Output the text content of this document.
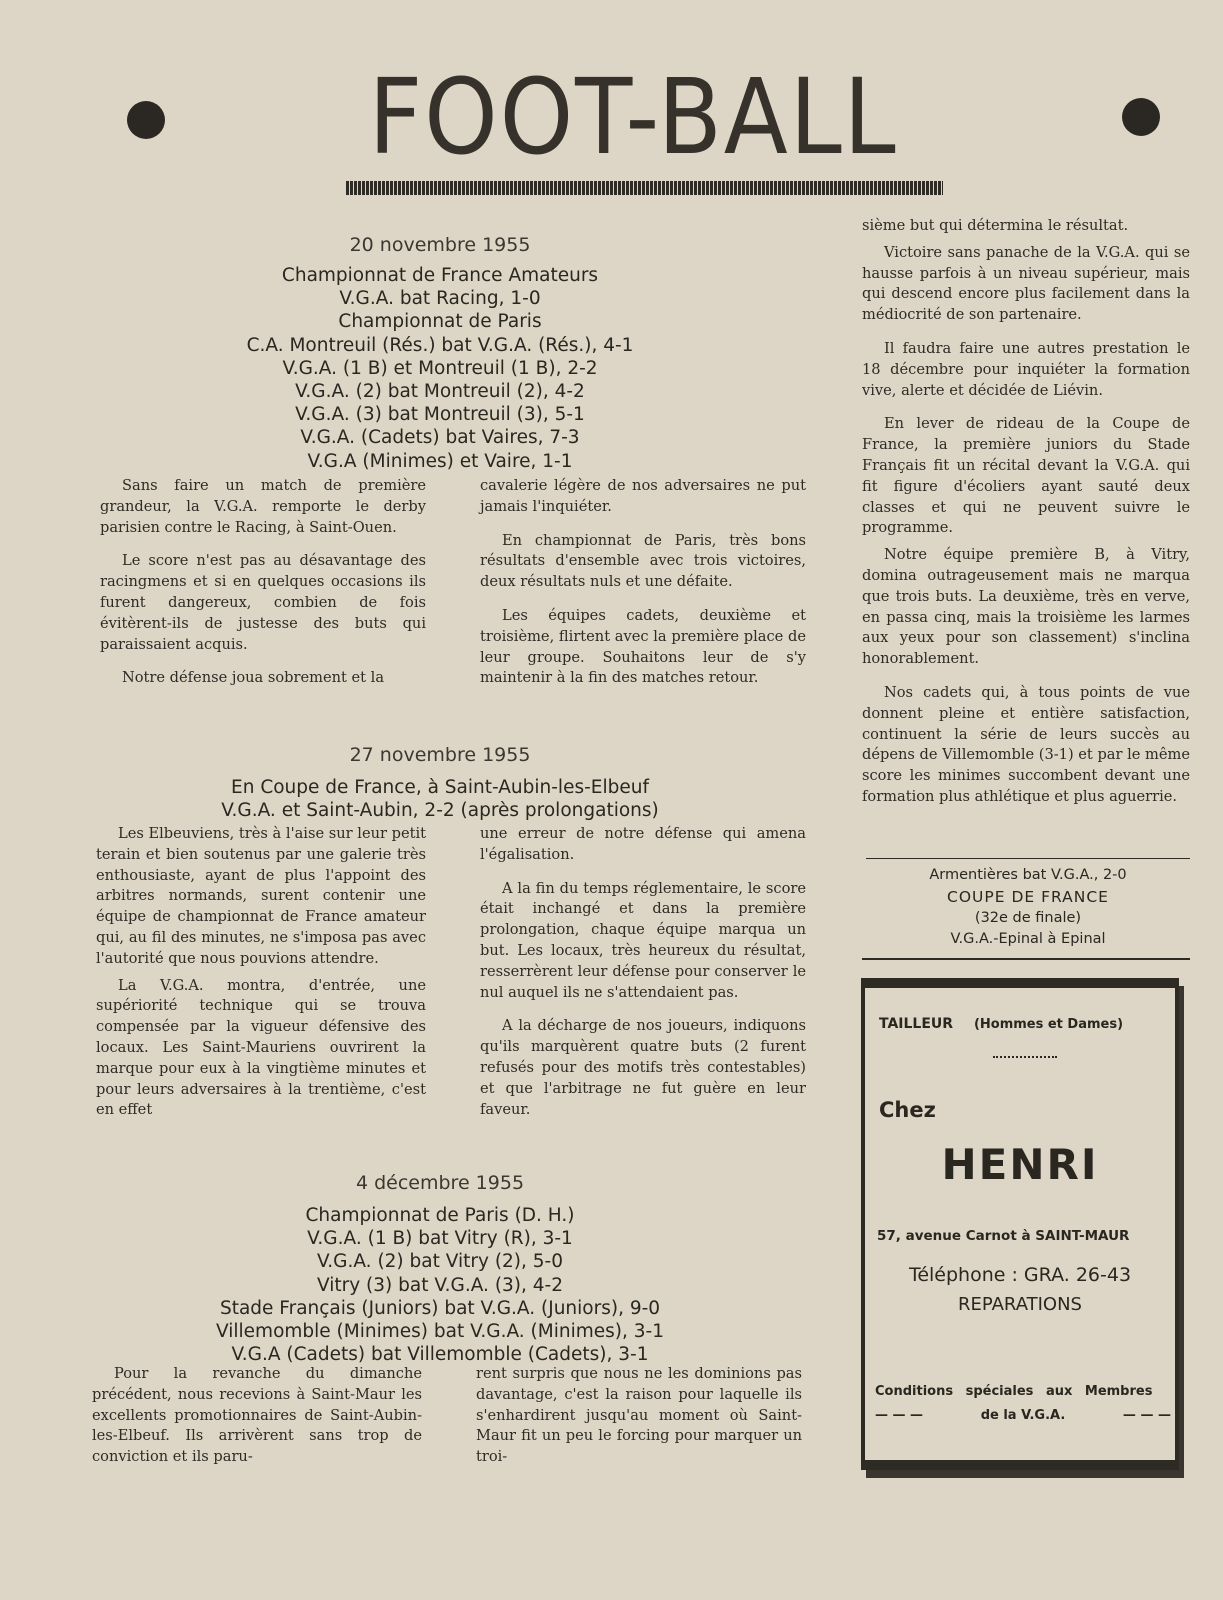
FOOT-BALL
20 novembre 1955
Championnat de France Amateurs
V.G.A. bat Racing, 1-0
Championnat de Paris
C.A. Montreuil (Rés.) bat V.G.A. (Rés.), 4-1
V.G.A. (1 B) et Montreuil (1 B), 2-2
V.G.A. (2) bat Montreuil (2), 4-2
V.G.A. (3) bat Montreuil (3), 5-1
V.G.A. (Cadets) bat Vaires, 7-3
V.G.A (Minimes) et Vaire, 1-1

Sans faire un match de première grandeur, la V.G.A. remporte le derby parisien contre le Racing, à Saint-Ouen.

Le score n'est pas au désavantage des racingmens et si en quelques occasions ils furent dangereux, combien de fois évitèrent-ils de justesse des buts qui paraissaient acquis.

Notre défense joua sobrement et la

cavalerie légère de nos adversaires ne put jamais l'inquiéter.

En championnat de Paris, très bons résultats d'ensemble avec trois victoires, deux résultats nuls et une défaite.

Les équipes cadets, deuxième et troisième, flirtent avec la première place de leur groupe. Souhaitons leur de s'y maintenir à la fin des matches retour.

27 novembre 1955
En Coupe de France, à Saint-Aubin-les-Elbeuf
V.G.A. et Saint-Aubin, 2-2 (après prolongations)

Les Elbeuviens, très à l'aise sur leur petit terain et bien soutenus par une galerie très enthousiaste, ayant de plus l'appoint des arbitres normands, surent contenir une équipe de championnat de France amateur qui, au fil des minutes, ne s'imposa pas avec l'autorité que nous pouvions attendre.

La V.G.A. montra, d'entrée, une supériorité technique qui se trouva compensée par la vigueur défensive des locaux. Les Saint-Mauriens ouvrirent la marque pour eux à la vingtième minutes et pour leurs adversaires à la trentième, c'est en effet

une erreur de notre défense qui amena l'égalisation.

A la fin du temps réglementaire, le score était inchangé et dans la première prolongation, chaque équipe marqua un but. Les locaux, très heureux du résultat, resserrèrent leur défense pour conserver le nul auquel ils ne s'attendaient pas.

A la décharge de nos joueurs, indiquons qu'ils marquèrent quatre buts (2 furent refusés pour des motifs très contestables) et que l'arbitrage ne fut guère en leur faveur.

4 décembre 1955
Championnat de Paris (D. H.)
V.G.A. (1 B) bat Vitry (R), 3-1
V.G.A. (2) bat Vitry (2), 5-0
Vitry (3) bat V.G.A. (3), 4-2
Stade Français (Juniors) bat V.G.A. (Juniors), 9-0
Villemomble (Minimes) bat V.G.A. (Minimes), 3-1
V.G.A (Cadets) bat Villemomble (Cadets), 3-1

Pour la revanche du dimanche précédent, nous recevions à Saint-Maur les excellents promotionnaires de Saint-Aubin-les-Elbeuf. Ils arrivèrent sans trop de conviction et ils paru-

rent surpris que nous ne les dominions pas davantage, c'est la raison pour laquelle ils s'enhardirent jusqu'au moment où Saint-Maur fit un peu le forcing pour marquer un troi-

sième but qui détermina le résultat.

Victoire sans panache de la V.G.A. qui se hausse parfois à un niveau supérieur, mais qui descend encore plus facilement dans la médiocrité de son partenaire.

Il faudra faire une autres prestation le 18 décembre pour inquiéter la formation vive, alerte et décidée de Liévin.

En lever de rideau de la Coupe de France, la première juniors du Stade Français fit un récital devant la V.G.A. qui fit figure d'écoliers ayant sauté deux classes et qui ne peuvent suivre le programme.

Notre équipe première B, à Vitry, domina outrageusement mais ne marqua que trois buts. La deuxième, très en verve, en passa cinq, mais la troisième les larmes aux yeux pour son classement) s'inclina honorablement.

Nos cadets qui, à tous points de vue donnent pleine et entière satisfaction, continuent la série de leurs succès au dépens de Villemomble (3-1) et par le même score les minimes succombent devant une formation plus athlétique et plus aguerrie.

Armentières bat V.G.A., 2-0
COUPE DE FRANCE
(32e de finale)
V.G.A.-Epinal à Epinal
TAILLEUR (Hommes et Dames)
Chez
HENRI
57, avenue Carnot à SAINT-MAUR
Téléphone : GRA. 26-43
REPARATIONS
Conditions spéciales aux Membres
— — —	de la V.G.A.	— — —
